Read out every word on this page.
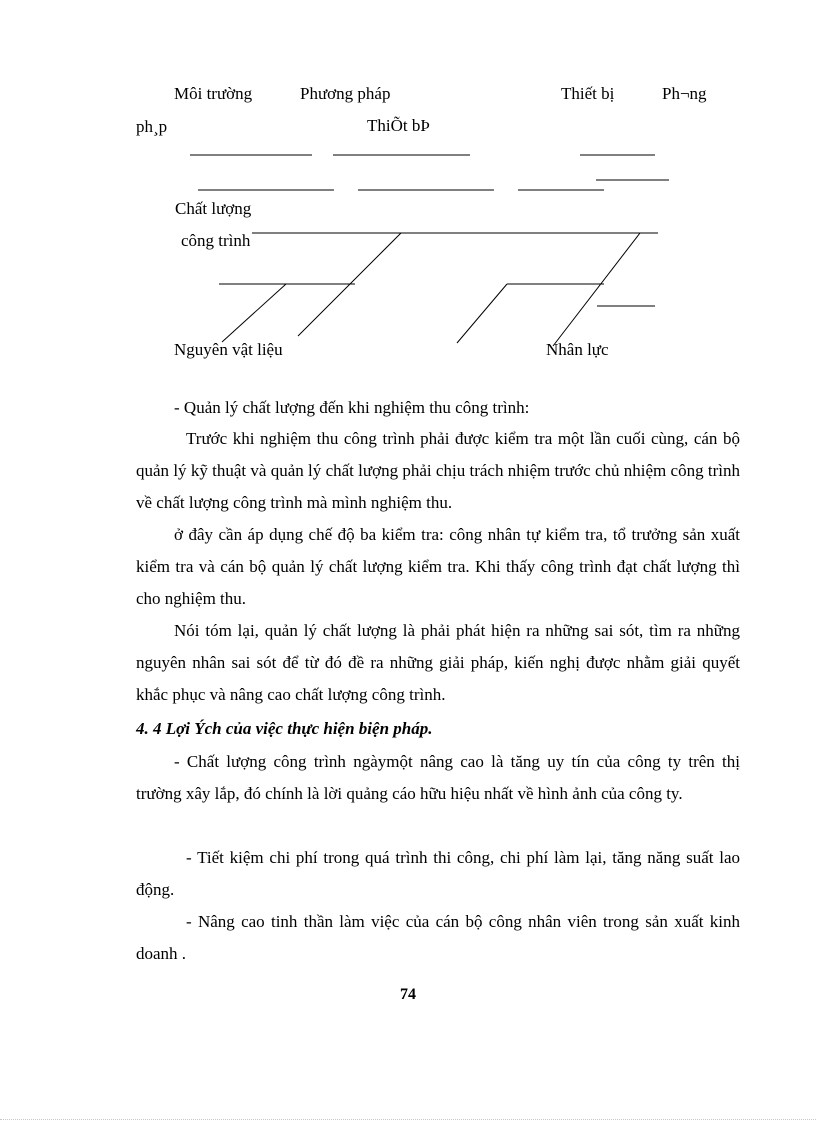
Môi trường	Phương pháp	Thiết bị	Ph¬ng
ph¸p	ThiÕt bÞ
Chất lượng
công trình
Nguyên vật liệu	Nhân lực
- Quản lý chất lượng đến khi nghiệm thu công trình:
Trước khi nghiệm thu công trình phải được kiểm tra một lần cuối cùng, cán bộ quản lý kỹ thuật và quản lý chất lượng phải chịu trách nhiệm trước chủ nhiệm công trình về chất lượng công trình mà mình nghiệm thu.
ở đây cần áp dụng chế độ ba kiểm tra: công nhân tự kiểm tra, tổ trưởng sản xuất kiểm tra và cán bộ quản lý chất lượng kiểm tra. Khi thấy công trình đạt chất lượng thì cho nghiệm thu.
Nói tóm lại, quản lý chất lượng là phải phát hiện ra những sai sót, tìm ra những nguyên nhân sai sót để từ đó đề ra những giải pháp, kiến nghị được nhằm giải quyết khắc phục và nâng cao chất lượng công trình.
4. 4 Lợi Ých của việc thực hiện biện pháp.
- Chất lượng công trình ngàymột nâng cao là tăng uy tín của công ty trên thị trường xây lắp, đó chính là lời quảng cáo hữu hiệu nhất về hình ảnh của công ty.
- Tiết kiệm chi phí trong quá trình thi công, chi phí làm lại, tăng năng suất lao động.
- Nâng cao tinh thần làm việc của cán bộ công nhân viên trong sản xuất kinh doanh .
74
